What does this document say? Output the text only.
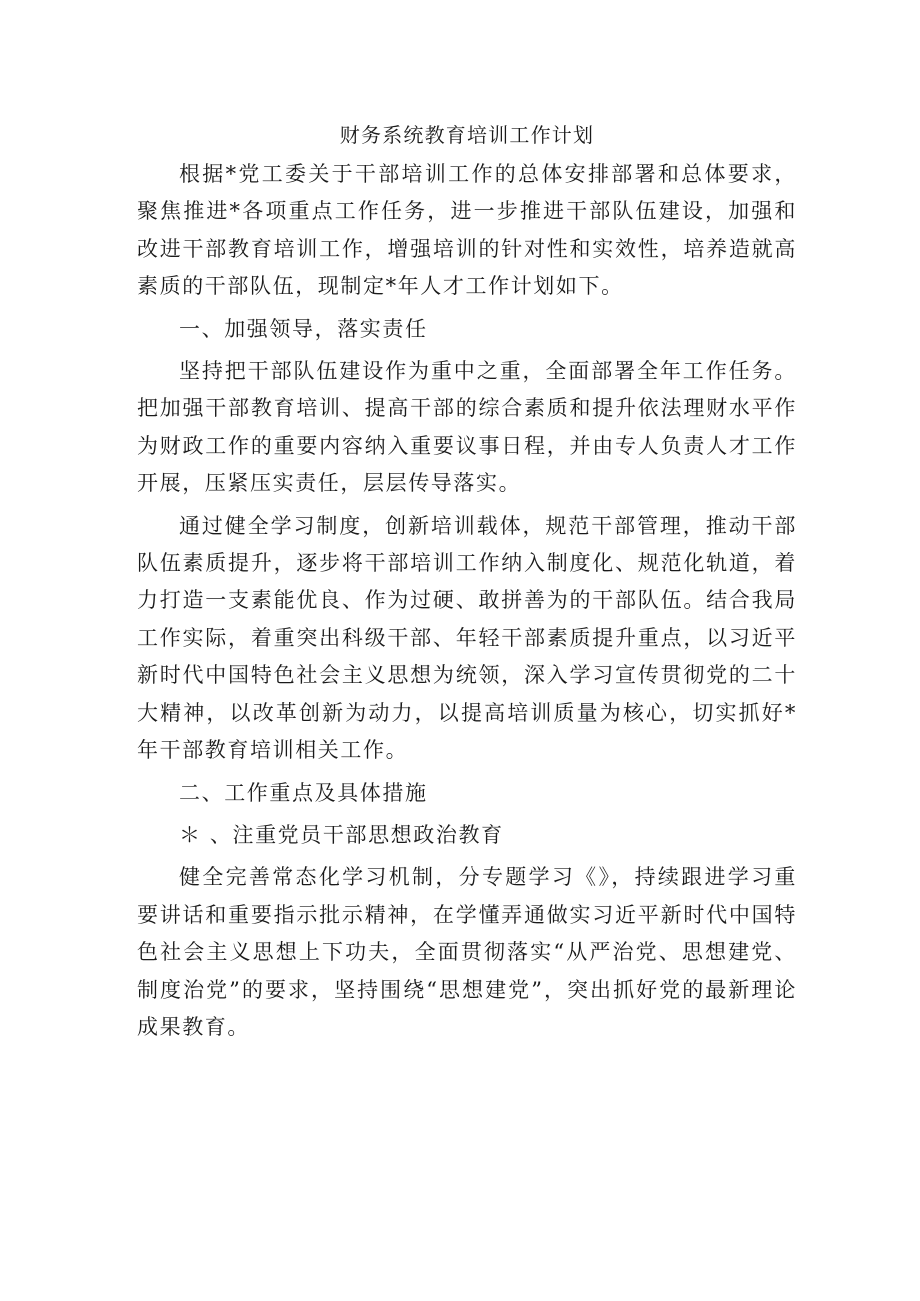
财务系统教育培训工作计划

根据*党工委关于干部培训工作的总体安排部署和总体要求，聚焦推进*各项重点工作任务，进一步推进干部队伍建设，加强和改进干部教育培训工作，增强培训的针对性和实效性，培养造就高素质的干部队伍，现制定*年人才工作计划如下。

一、加强领导，落实责任

坚持把干部队伍建设作为重中之重，全面部署全年工作任务。把加强干部教育培训、提高干部的综合素质和提升依法理财水平作为财政工作的重要内容纳入重要议事日程，并由专人负责人才工作开展，压紧压实责任，层层传导落实。

通过健全学习制度，创新培训载体，规范干部管理，推动干部队伍素质提升，逐步将干部培训工作纳入制度化、规范化轨道，着力打造一支素能优良、作为过硬、敢拼善为的干部队伍。结合我局工作实际，着重突出科级干部、年轻干部素质提升重点，以习近平新时代中国特色社会主义思想为统领，深入学习宣传贯彻党的二十大精神，以改革创新为动力，以提高培训质量为核心，切实抓好*年干部教育培训相关工作。

二、工作重点及具体措施

＊ 、注重党员干部思想政治教育

健全完善常态化学习机制，分专题学习《》，持续跟进学习重要讲话和重要指示批示精神，在学懂弄通做实习近平新时代中国特色社会主义思想上下功夫，全面贯彻落实“从严治党、思想建党、制度治党”的要求，坚持围绕“思想建党”，突出抓好党的最新理论成果教育。
